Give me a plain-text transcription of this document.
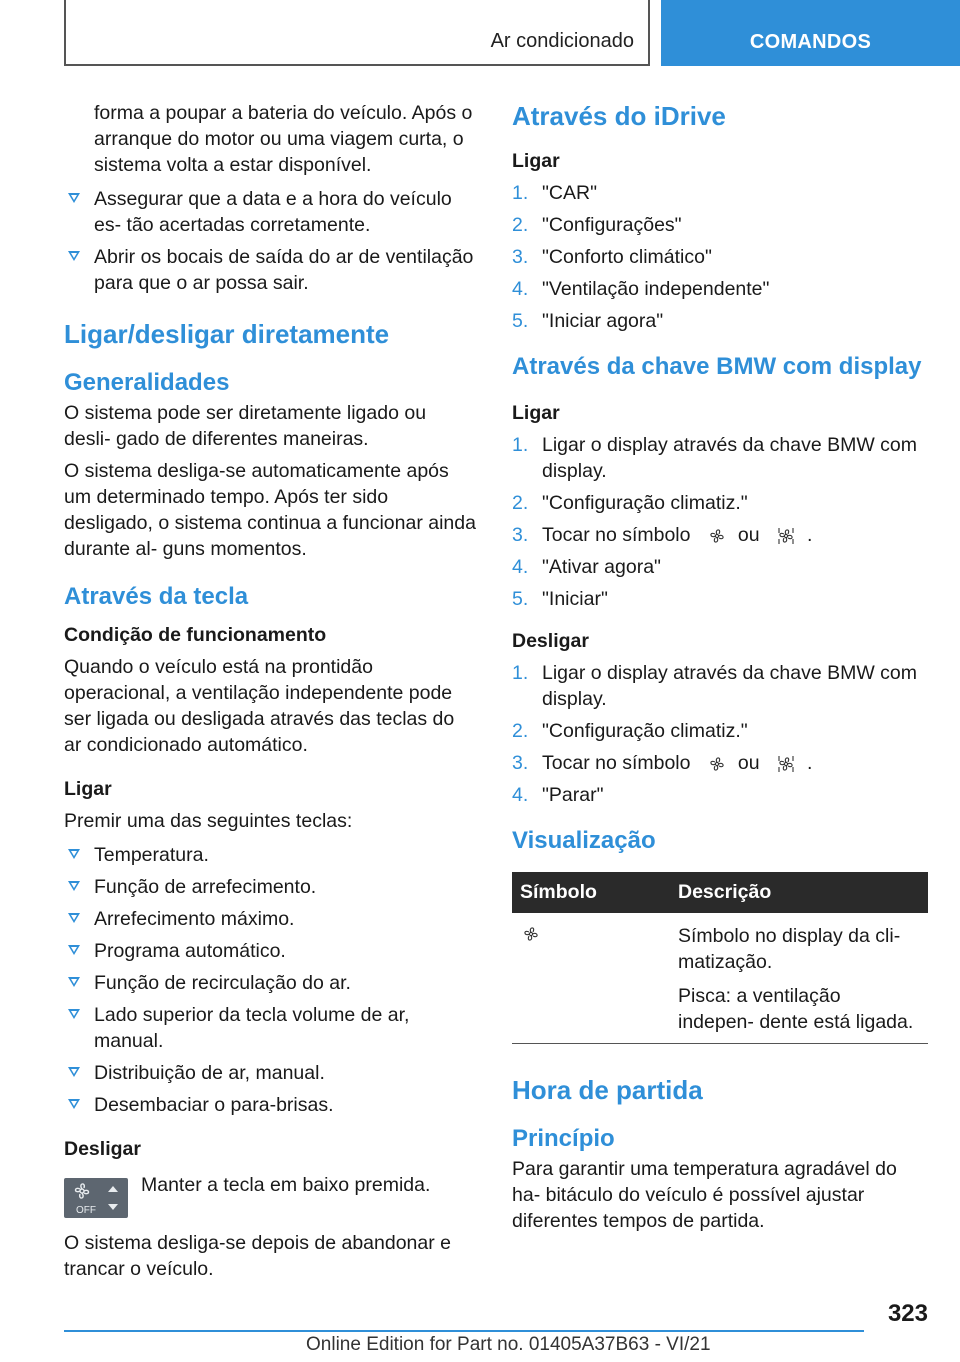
Ar condicionado	COMANDOS

forma a poupar a bateria do veículo. Após o arranque do motor ou uma viagem curta, o sistema volta a estar disponível.

Assegurar que a data e a hora do veículo es‐ tão acertadas corretamente.
Abrir os bocais de saída do ar de ventilação para que o ar possa sair.
Ligar/desligar diretamente
Generalidades

O sistema pode ser diretamente ligado ou desli‐ gado de diferentes maneiras.

O sistema desliga-se automaticamente após um determinado tempo. Após ter sido desligado, o sistema continua a funcionar ainda durante al‐ guns momentos.

Através da tecla
Condição de funcionamento

Quando o veículo está na prontidão operacional, a ventilação independente pode ser ligada ou desligada através das teclas do ar condicionado automático.

Ligar

Premir uma das seguintes teclas:

Temperatura.
Função de arrefecimento.
Arrefecimento máximo.
Programa automático.
Função de recirculação do ar.
Lado superior da tecla volume de ar, manual.
Distribuição de ar, manual.
Desembaciar o para-brisas.
Desligar
OFF

Manter a tecla em baixo premida.

O sistema desliga-se depois de abandonar e trancar o veículo.

Através do iDrive
Ligar
1. "CAR"
2. "Configurações"
3. "Conforto climático"
4. "Ventilação independente"
5. "Iniciar agora"
Através da chave BMW com display
Ligar
1. Ligar o display através da chave BMW com display.
2. "Configuração climatiz."
3. Tocar no símbolo ou .
4. "Ativar agora"
5. "Iniciar"
Desligar
1. Ligar o display através da chave BMW com display.
2. "Configuração climatiz."
3. Tocar no símbolo ou .
4. "Parar"
Visualização
Símbolo	Descrição

Símbolo no display da cli‐ matização.

Pisca: a ventilação indepen‐ dente está ligada.

Hora de partida
Princípio

Para garantir uma temperatura agradável do ha‐ bitáculo do veículo é possível ajustar diferentes tempos de partida.

323
Online Edition for Part no. 01405A37B63 - VI/21
